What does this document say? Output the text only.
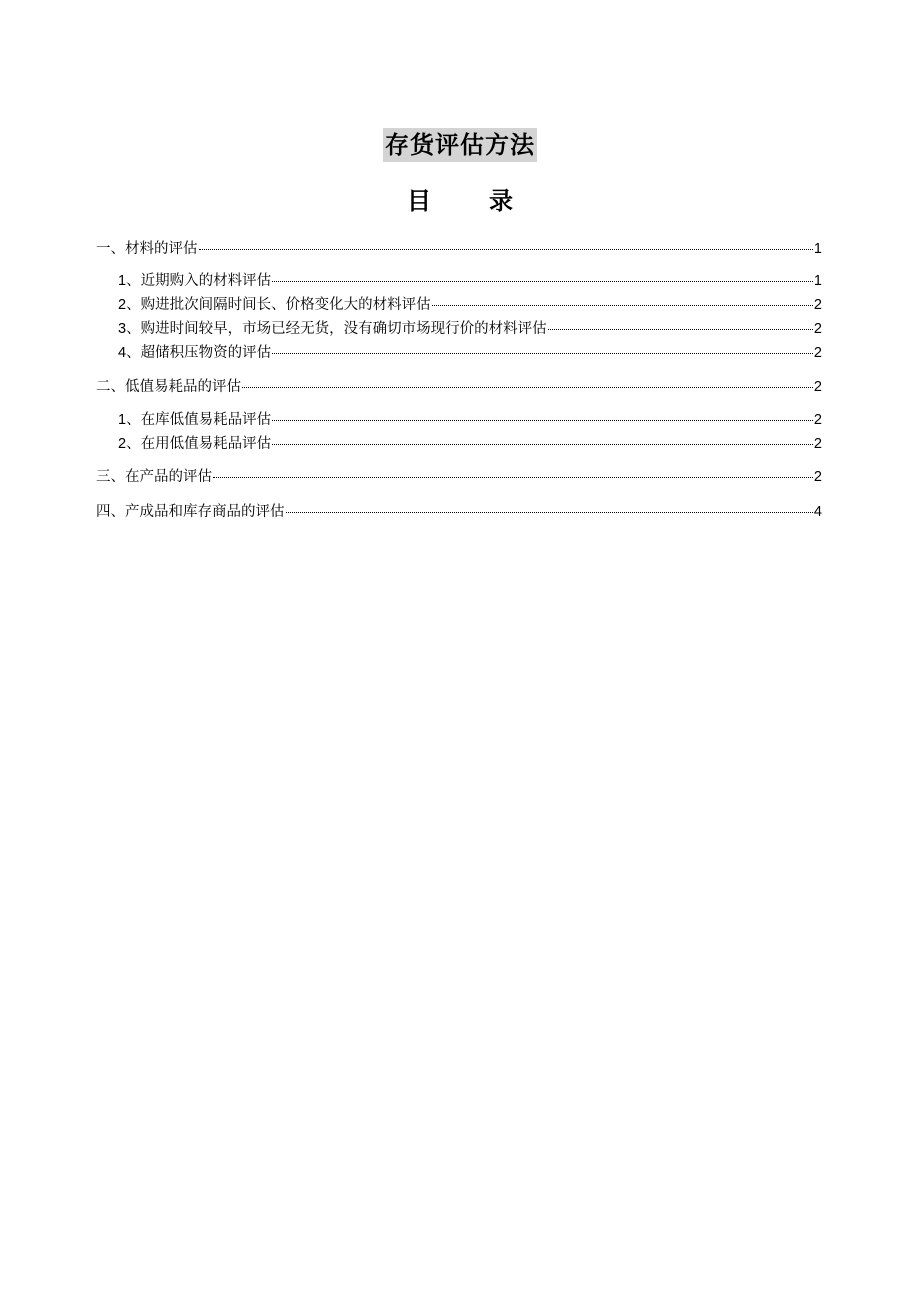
存货评估方法
目 录
一、材料的评估	1
1、近期购入的材料评估	1
2、购进批次间隔时间长、价格变化大的材料评估	2
3、购进时间较早，市场已经无货，没有确切市场现行价的材料评估	2
4、超储积压物资的评估	2
二、低值易耗品的评估	2
1、在库低值易耗品评估	2
2、在用低值易耗品评估	2
三、在产品的评估	2
四、产成品和库存商品的评估	4
